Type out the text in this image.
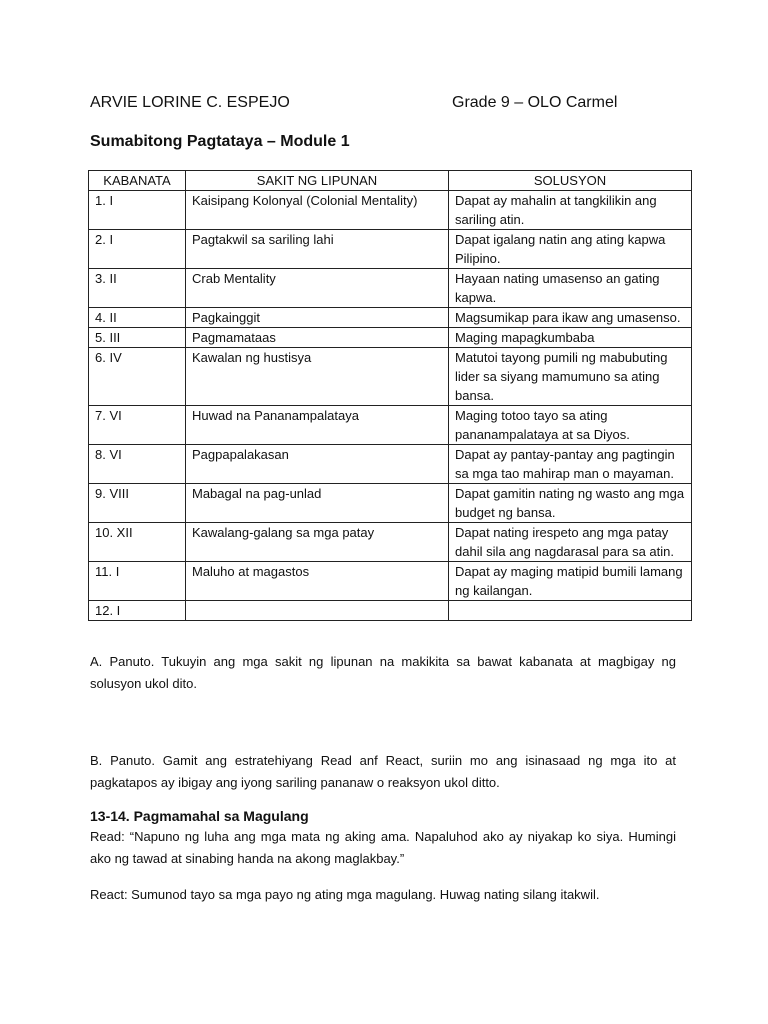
ARVIE LORINE C. ESPEJO	Grade 9 – OLO Carmel
Sumabitong Pagtataya – Module 1
KABANATA	SAKIT NG LIPUNAN	SOLUSYON
1. I	Kaisipang Kolonyal (Colonial Mentality)	Dapat ay mahalin at tangkilikin ang sariling atin.
2. I	Pagtakwil sa sariling lahi	Dapat igalang natin ang ating kapwa Pilipino.
3. II	Crab Mentality	Hayaan nating umasenso an gating kapwa.
4. II	Pagkainggit	Magsumikap para ikaw ang umasenso.
5. III	Pagmamataas	Maging mapagkumbaba
6. IV	Kawalan ng hustisya	Matutoi tayong pumili ng mabubuting lider sa siyang mamumuno sa ating bansa.
7. VI	Huwad na Pananampalataya	Maging totoo tayo sa ating pananampalataya at sa Diyos.
8. VI	Pagpapalakasan	Dapat ay pantay-pantay ang pagtingin sa mga tao mahirap man o mayaman.
9. VIII	Mabagal na pag-unlad	Dapat gamitin nating ng wasto ang mga budget ng bansa.
10. XII	Kawalang-galang sa mga patay	Dapat nating irespeto ang mga patay dahil sila ang nagdarasal para sa atin.
11. I	Maluho at magastos	Dapat ay maging matipid bumili lamang ng kailangan.
12. I		
A. Panuto. Tukuyin ang mga sakit ng lipunan na makikita sa bawat kabanata at magbigay ng solusyon ukol dito.
B. Panuto. Gamit ang estratehiyang Read anf React, suriin mo ang isinasaad ng mga ito at pagkatapos ay ibigay ang iyong sariling pananaw o reaksyon ukol ditto.
13-14. Pagmamahal sa Magulang
Read: “Napuno ng luha ang mga mata ng aking ama. Napaluhod ako ay niyakap ko siya. Humingi ako ng tawad at sinabing handa na akong maglakbay.”
React: Sumunod tayo sa mga payo ng ating mga magulang. Huwag nating silang itakwil.
